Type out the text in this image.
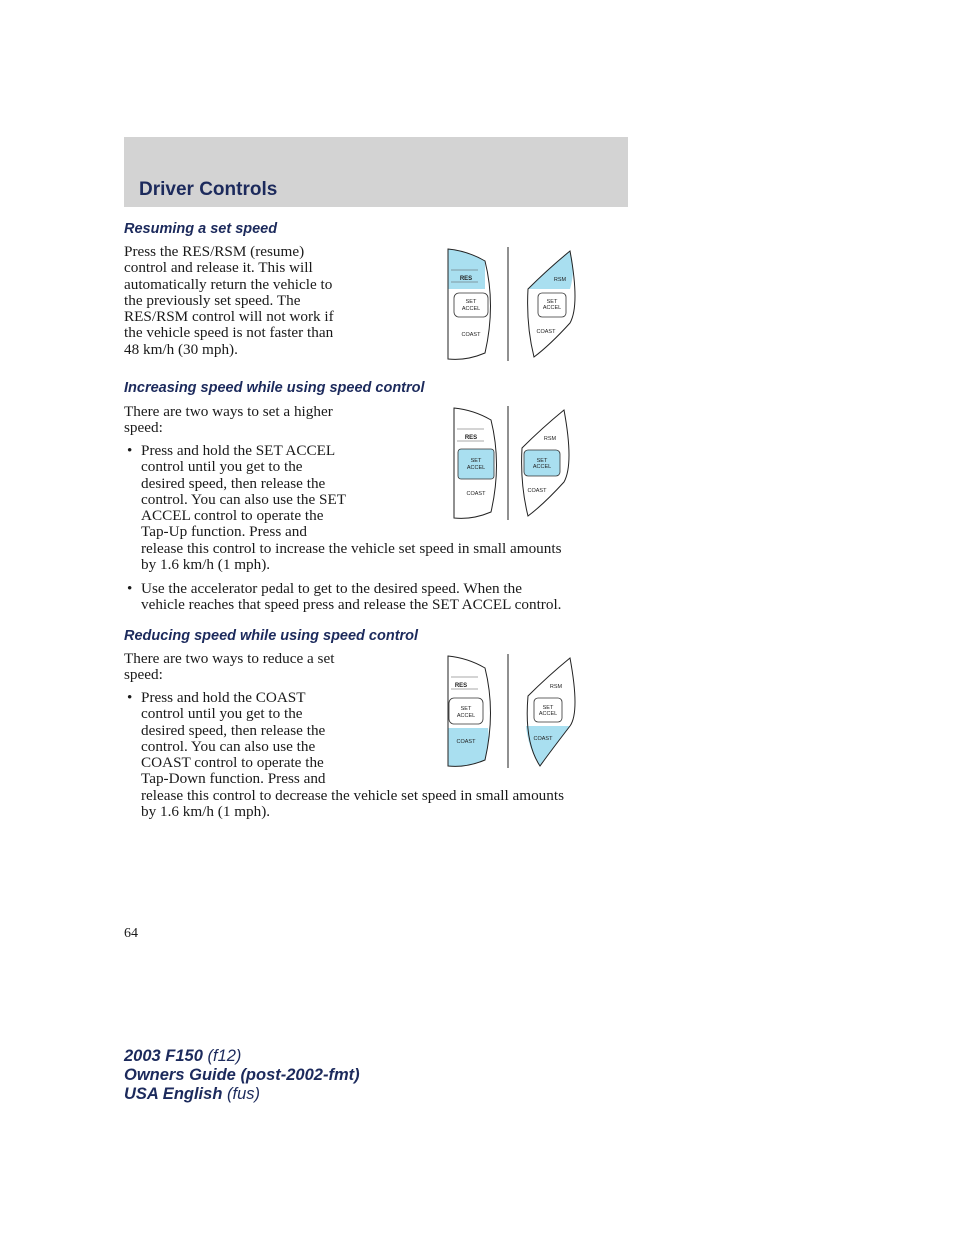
Driver Controls
Resuming a set speed
Press the RES/RSM (resume)
control and release it. This will
automatically return the vehicle to
the previously set speed. The
RES/RSM control will not work if
the vehicle speed is not faster than
48 km/h (30 mph).
RES
SET
ACCEL
COAST
RSM
SET
ACCEL
COAST
Increasing speed while using speed control
There are two ways to set a higher
speed:
• Press and hold the SET ACCEL
control until you get to the
desired speed, then release the
control. You can also use the SET
ACCEL control to operate the
Tap-Up function. Press and
release this control to increase the vehicle set speed in small amounts
by 1.6 km/h (1 mph).
• Use the accelerator pedal to get to the desired speed. When the
vehicle reaches that speed press and release the SET ACCEL control.
RES
SET
ACCEL
COAST
RSM
SET
ACCEL
COAST
Reducing speed while using speed control
There are two ways to reduce a set
speed:
• Press and hold the COAST
control until you get to the
desired speed, then release the
control. You can also use the
COAST control to operate the
Tap-Down function. Press and
release this control to decrease the vehicle set speed in small amounts
by 1.6 km/h (1 mph).
RES
SET
ACCEL
COAST
RSM
SET
ACCEL
COAST
64
2003 F150 (f12)
Owners Guide (post-2002-fmt)
USA English (fus)
